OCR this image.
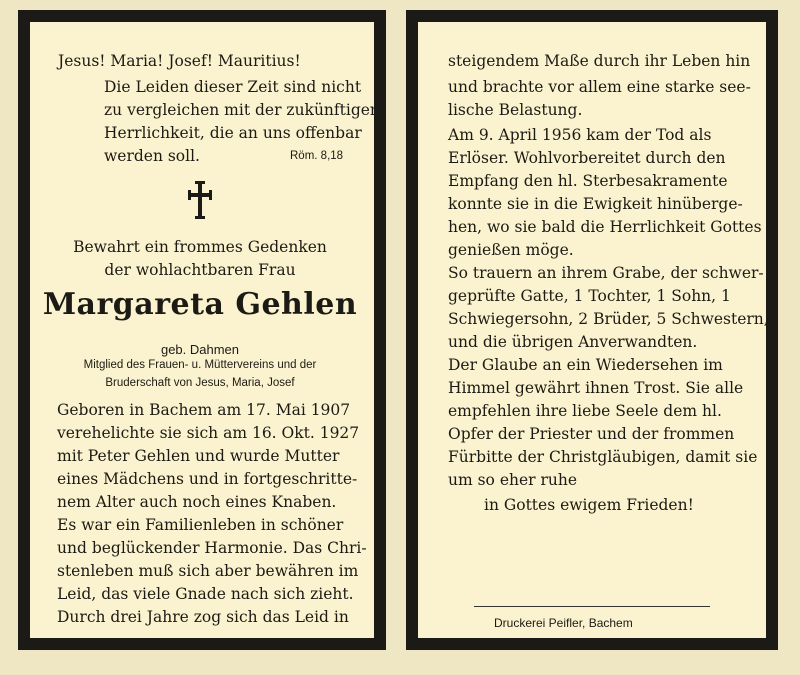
Jesus! Maria! Josef! Mauritius!
Die Leiden dieser Zeit sind nicht
zu vergleichen mit der zukünftigen
Herrlichkeit, die an uns offenbar
werden soll.	Röm. 8,18
Bewahrt ein frommes Gedenken
der wohlachtbaren Frau
Margareta Gehlen
geb. Dahmen
Mitglied des Frauen- u. Müttervereins und der
Bruderschaft von Jesus, Maria, Josef
Geboren in Bachem am 17. Mai 1907
verehelichte sie sich am 16. Okt. 1927
mit Peter Gehlen und wurde Mutter
eines Mädchens und in fortgeschritte-
nem Alter auch noch eines Knaben.
Es war ein Familienleben in schöner
und beglückender Harmonie. Das Chri-
stenleben muß sich aber bewähren im
Leid, das viele Gnade nach sich zieht.
Durch drei Jahre zog sich das Leid in
steigendem Maße durch ihr Leben hin
und brachte vor allem eine starke see-
lische Belastung.
Am 9. April 1956 kam der Tod als
Erlöser. Wohlvorbereitet durch den
Empfang den hl. Sterbesakramente
konnte sie in die Ewigkeit hinüberge-
hen, wo sie bald die Herrlichkeit Gottes
genießen möge.
So trauern an ihrem Grabe, der schwer-
geprüfte Gatte, 1 Tochter, 1 Sohn, 1
Schwiegersohn, 2 Brüder, 5 Schwestern,
und die übrigen Anverwandten.
Der Glaube an ein Wiedersehen im
Himmel gewährt ihnen Trost. Sie alle
empfehlen ihre liebe Seele dem hl.
Opfer der Priester und der frommen
Fürbitte der Christgläubigen, damit sie
um so eher ruhe
in Gottes ewigem Frieden!
Druckerei Peifler, Bachem
